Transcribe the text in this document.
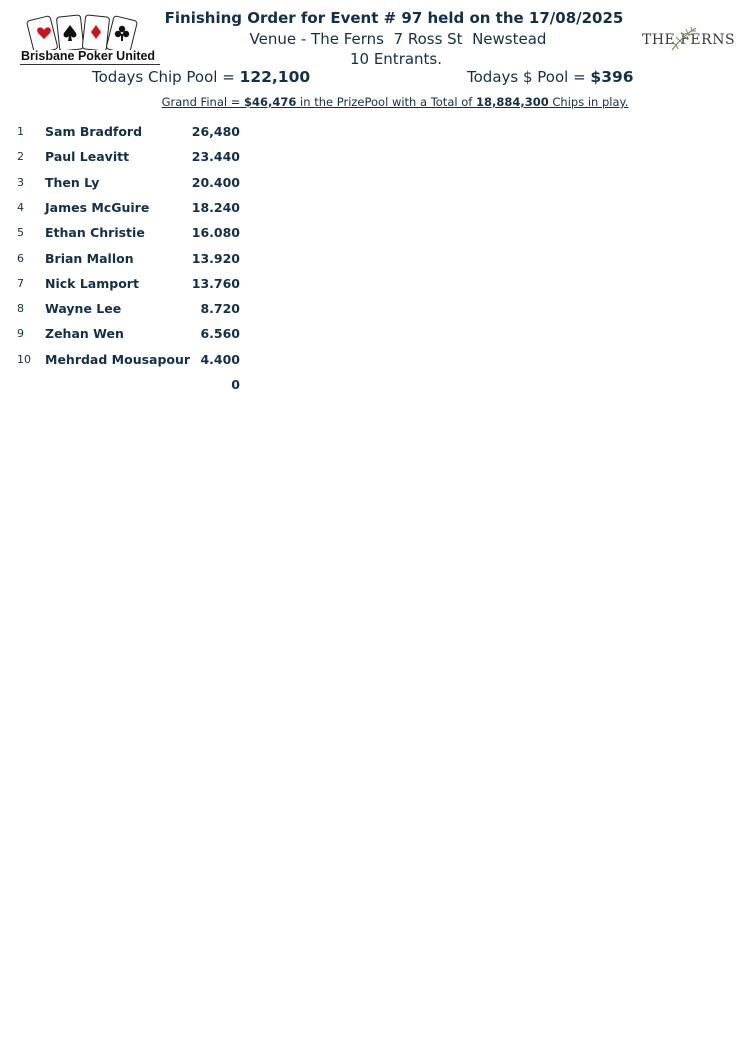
Brisbane Poker United
THE FERNS
Finishing Order for Event # 97 held on the 17/08/2025
Venue - The Ferns  7 Ross St  Newstead
10 Entrants.
Todays Chip Pool = 122,100	Todays $ Pool = $396
Grand Final = $46,476 in the PrizePool with a Total of 18,884,300 Chips in play.
1 Sam Bradford	26,480
2 Paul Leavitt	23.440
3 Then Ly	20.400
4 James McGuire	18.240
5 Ethan Christie	16.080
6 Brian Mallon	13.920
7 Nick Lamport	13.760
8 Wayne Lee	8.720
9 Zehan Wen	6.560
10 Mehrdad Mousapour 4.400
0
